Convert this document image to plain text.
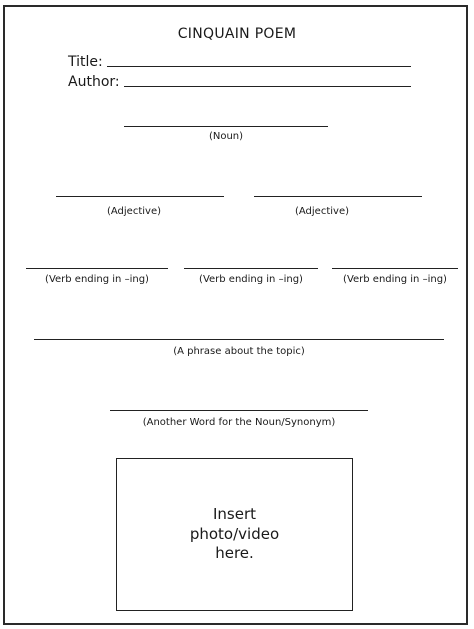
CINQUAIN POEM
Title:
Author:
(Noun)
(Adjective)	(Adjective)
(Verb ending in –ing)	(Verb ending in –ing)	(Verb ending in –ing)
(A phrase about the topic)
(Another Word for the Noun/Synonym)
Insert photo/video here.
